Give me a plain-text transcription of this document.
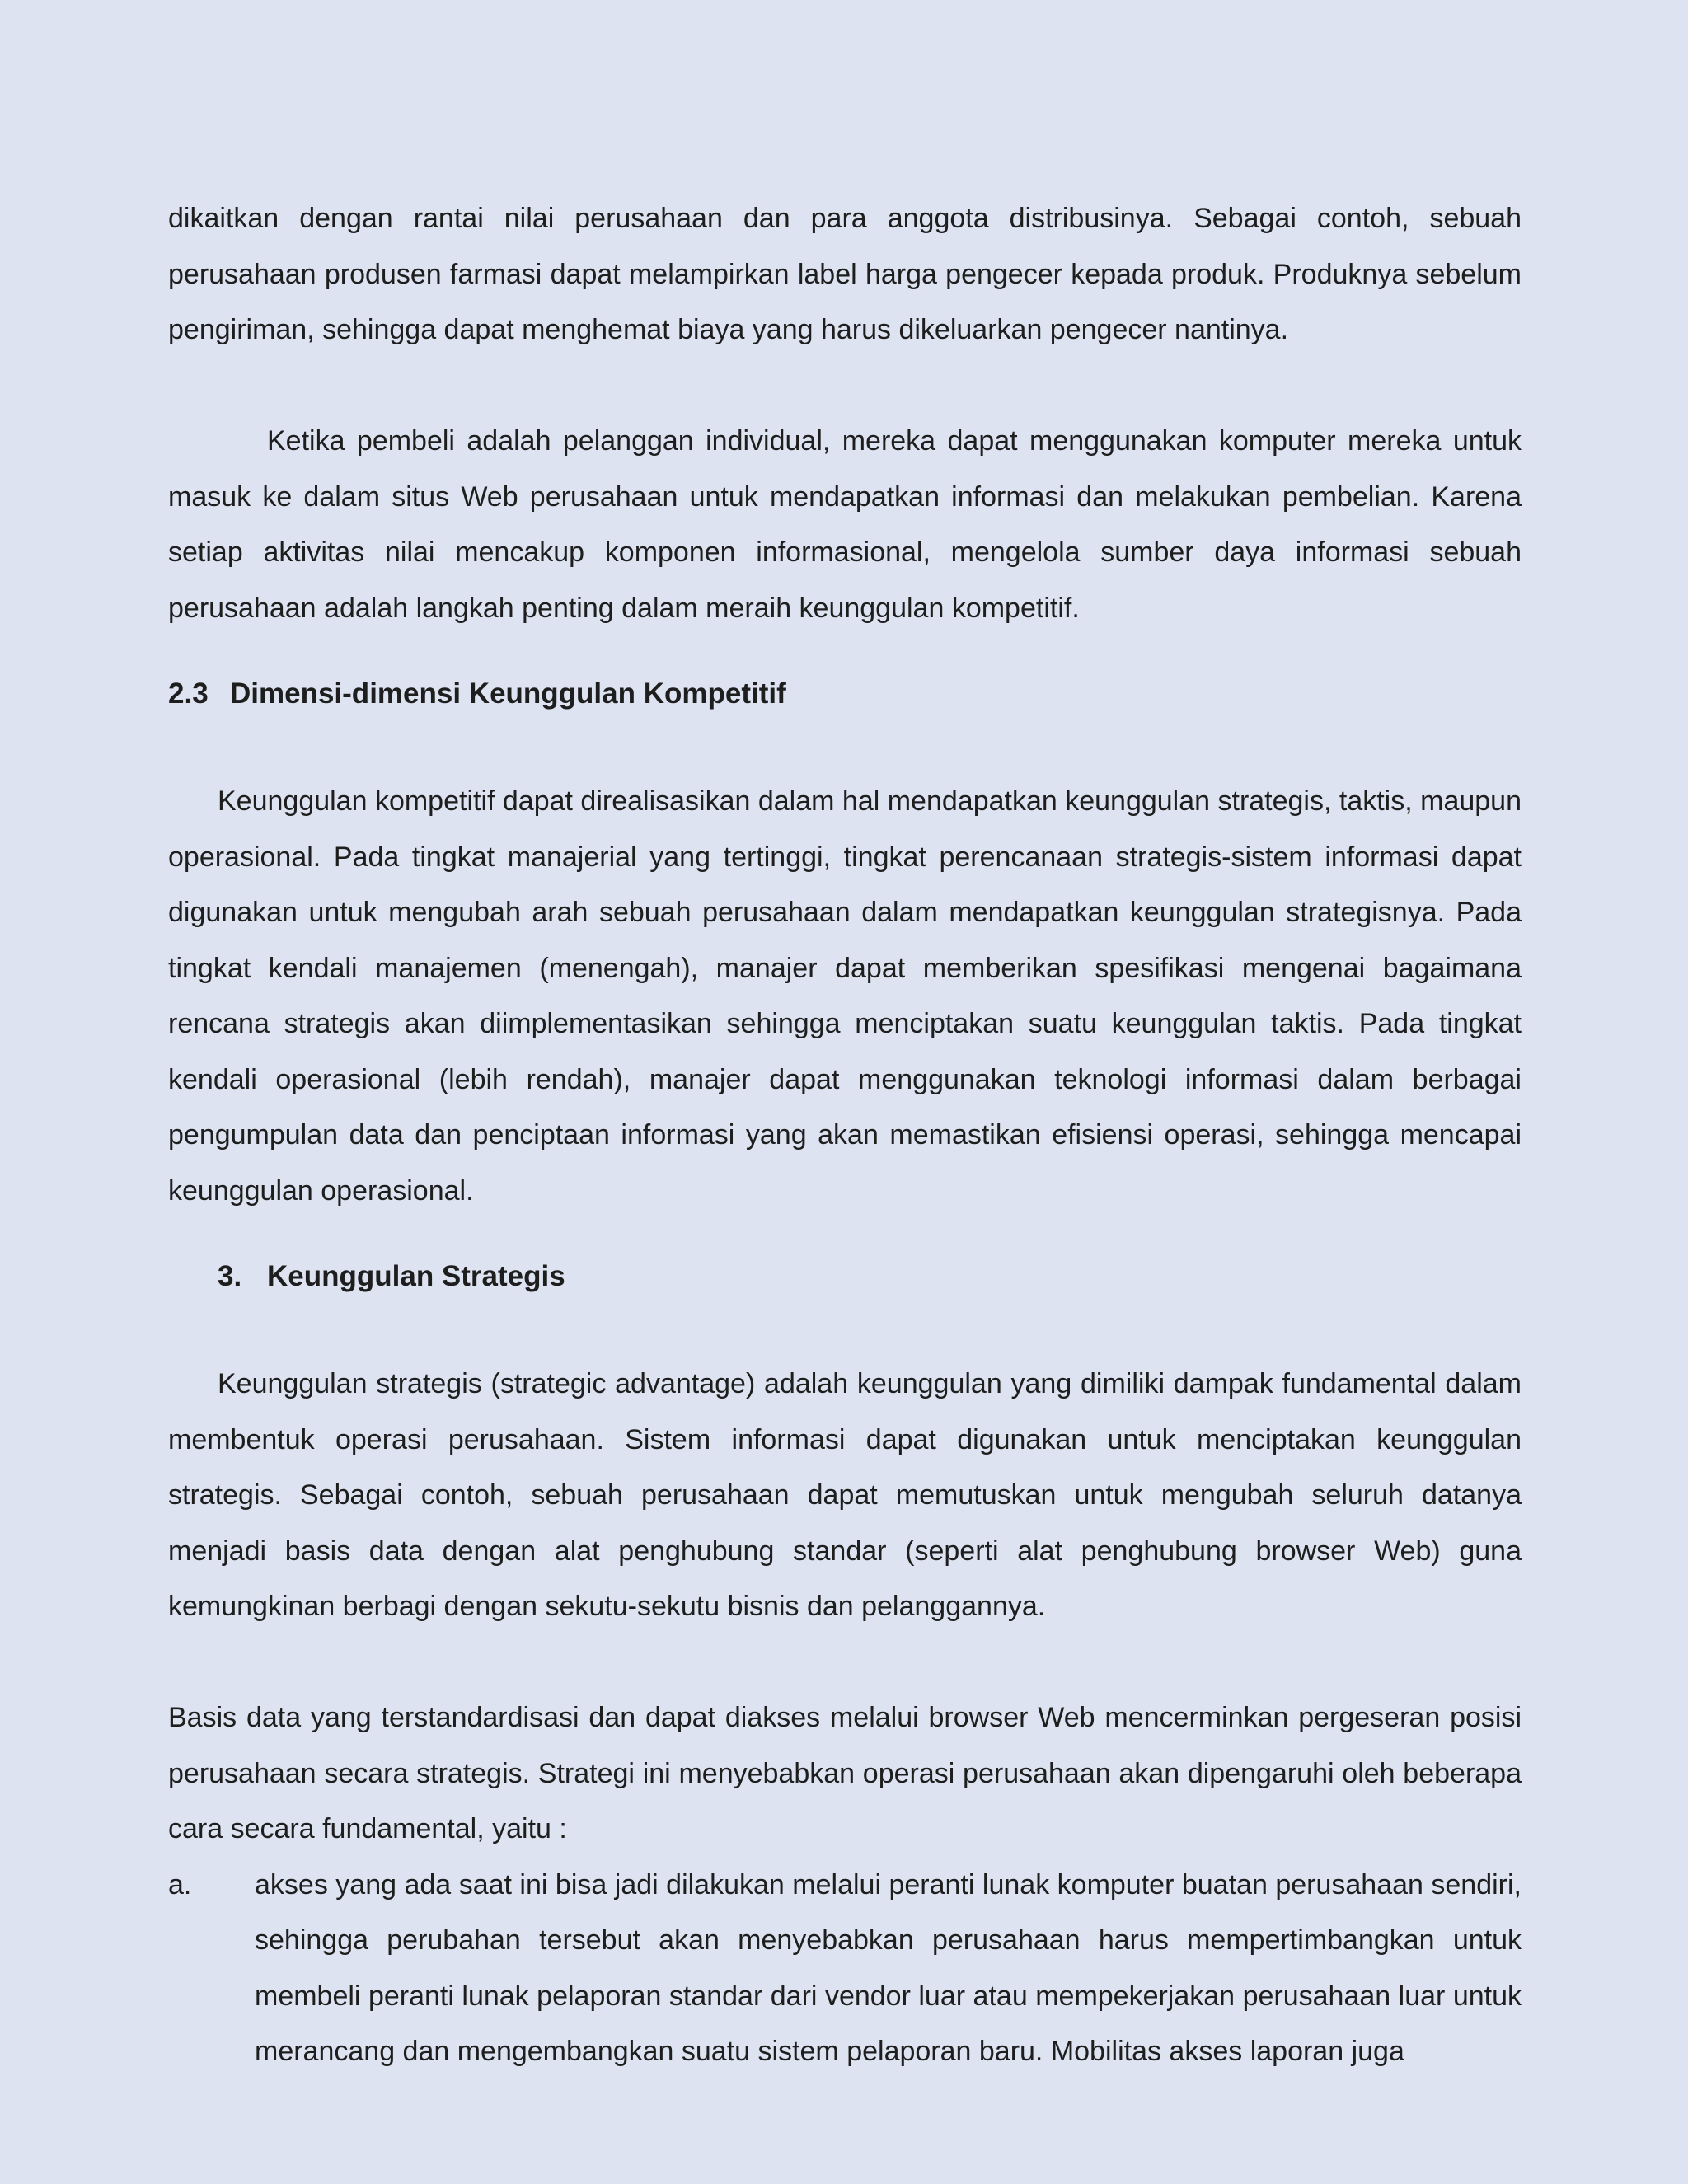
dikaitkan dengan rantai nilai perusahaan dan para anggota distribusinya. Sebagai contoh, sebuah perusahaan produsen farmasi dapat melampirkan label harga pengecer kepada produk. Produknya sebelum pengiriman, sehingga dapat menghemat biaya yang harus dikeluarkan pengecer nantinya.

Ketika pembeli adalah pelanggan individual, mereka dapat menggunakan komputer mereka untuk masuk ke dalam situs Web perusahaan untuk mendapatkan informasi dan melakukan pembelian. Karena setiap aktivitas nilai mencakup komponen informasional, mengelola sumber daya informasi sebuah perusahaan adalah langkah penting dalam meraih keunggulan kompetitif.

2.3 Dimensi-dimensi Keunggulan Kompetitif

Keunggulan kompetitif dapat direalisasikan dalam hal mendapatkan keunggulan strategis, taktis, maupun operasional. Pada tingkat manajerial yang tertinggi, tingkat perencanaan strategis-sistem informasi dapat digunakan untuk mengubah arah sebuah perusahaan dalam mendapatkan keunggulan strategisnya. Pada tingkat kendali manajemen (menengah), manajer dapat memberikan spesifikasi mengenai bagaimana rencana strategis akan diimplementasikan sehingga menciptakan suatu keunggulan taktis. Pada tingkat kendali operasional (lebih rendah), manajer dapat menggunakan teknologi informasi dalam berbagai pengumpulan data dan penciptaan informasi yang akan memastikan efisiensi operasi, sehingga mencapai keunggulan operasional.

3. Keunggulan Strategis

Keunggulan strategis (strategic advantage) adalah keunggulan yang dimiliki dampak fundamental dalam membentuk operasi perusahaan. Sistem informasi dapat digunakan untuk menciptakan keunggulan strategis. Sebagai contoh, sebuah perusahaan dapat memutuskan untuk mengubah seluruh datanya menjadi basis data dengan alat penghubung standar (seperti alat penghubung browser Web) guna kemungkinan berbagi dengan sekutu-sekutu bisnis dan pelanggannya.

Basis data yang terstandardisasi dan dapat diakses melalui browser Web mencerminkan pergeseran posisi perusahaan secara strategis. Strategi ini menyebabkan operasi perusahaan akan dipengaruhi oleh beberapa cara secara fundamental, yaitu :

a. akses yang ada saat ini bisa jadi dilakukan melalui peranti lunak komputer buatan perusahaan sendiri, sehingga perubahan tersebut akan menyebabkan perusahaan harus mempertimbangkan untuk membeli peranti lunak pelaporan standar dari vendor luar atau mempekerjakan perusahaan luar untuk merancang dan mengembangkan suatu sistem pelaporan baru. Mobilitas akses laporan juga
